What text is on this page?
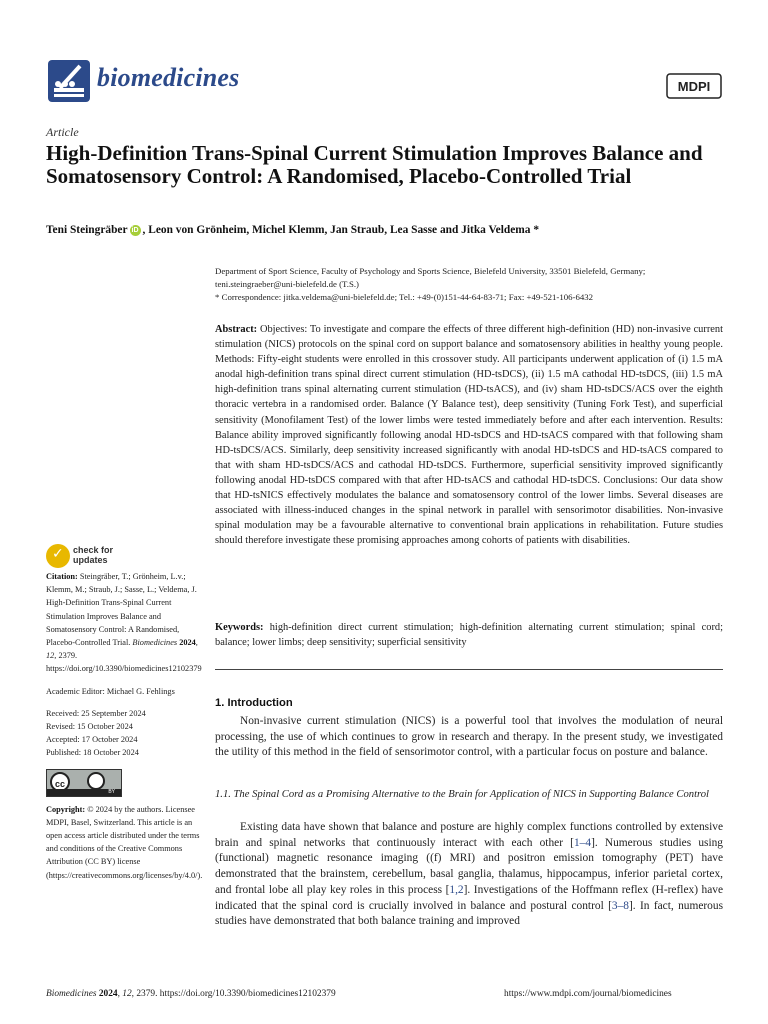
biomedicines	MDPI
Article
High-Definition Trans-Spinal Current Stimulation Improves Balance and Somatosensory Control: A Randomised, Placebo-Controlled Trial
Teni Steingräber iD , Leon von Grönheim, Michel Klemm, Jan Straub, Lea Sasse and Jitka Veldema *
Department of Sport Science, Faculty of Psychology and Sports Science, Bielefeld University, 33501 Bielefeld, Germany; teni.steingraeber@uni-bielefeld.de (T.S.)
* Correspondence: jitka.veldema@uni-bielefeld.de; Tel.: +49-(0)151-44-64-83-71; Fax: +49-521-106-6432
Abstract: Objectives: To investigate and compare the effects of three different high-definition (HD) non-invasive current stimulation (NICS) protocols on the spinal cord on support balance and somatosensory abilities in healthy young people. Methods: Fifty-eight students were enrolled in this crossover study. All participants underwent application of (i) 1.5 mA anodal high-definition trans spinal direct current stimulation (HD-tsDCS), (ii) 1.5 mA cathodal HD-tsDCS, (iii) 1.5 mA high-definition trans spinal alternating current stimulation (HD-tsACS), and (iv) sham HD-tsDCS/ACS over the eighth thoracic vertebra in a randomised order. Balance (Y Balance test), deep sensitivity (Tuning Fork Test), and superficial sensitivity (Monofilament Test) of the lower limbs were tested immediately before and after each intervention. Results: Balance ability improved significantly following anodal HD-tsDCS and HD-tsACS compared with that following sham HD-tsDCS/ACS. Similarly, deep sensitivity increased significantly with anodal HD-tsDCS and HD-tsACS compared to that with sham HD-tsDCS/ACS and cathodal HD-tsDCS. Furthermore, superficial sensitivity improved significantly following anodal HD-tsDCS compared with that after HD-tsACS and cathodal HD-tsDCS. Conclusions: Our data show that HD-tsNICS effectively modulates the balance and somatosensory control of the lower limbs. Several diseases are associated with illness-induced changes in the spinal network in parallel with sensorimotor disabilities. Non-invasive spinal modulation may be a favourable alternative to conventional brain applications in rehabilitation. Future studies should therefore investigate these promising approaches among cohorts of patients with disabilities.
Keywords: high-definition direct current stimulation; high-definition alternating current stimulation; spinal cord; balance; lower limbs; deep sensitivity; superficial sensitivity
✓ check for
updates
Citation: Steingräber, T.; Grönheim, L.v.; Klemm, M.; Straub, J.; Sasse, L.; Veldema, J. High-Definition Trans-Spinal Current Stimulation Improves Balance and Somatosensory Control: A Randomised, Placebo-Controlled Trial. Biomedicines 2024, 12, 2379. https://doi.org/10.3390/biomedicines12102379
Academic Editor: Michael G. Fehlings
Received: 25 September 2024
Revised: 15 October 2024
Accepted: 17 October 2024
Published: 18 October 2024
cc
BY
Copyright: © 2024 by the authors. Licensee MDPI, Basel, Switzerland. This article is an open access article distributed under the terms and conditions of the Creative Commons Attribution (CC BY) license (https://creativecommons.org/licenses/by/4.0/).
1. Introduction
Non-invasive current stimulation (NICS) is a powerful tool that involves the modulation of neural processing, the use of which continues to grow in research and therapy. In the present study, we investigated the utility of this method in the field of sensorimotor control, with a particular focus on posture and balance.
1.1. The Spinal Cord as a Promising Alternative to the Brain for Application of NICS in Supporting Balance Control
Existing data have shown that balance and posture are highly complex functions controlled by extensive brain and spinal networks that continuously interact with each other [1–4]. Numerous studies using (functional) magnetic resonance imaging ((f) MRI) and positron emission tomography (PET) have demonstrated that the brainstem, cerebellum, basal ganglia, thalamus, hippocampus, inferior parietal cortex, and frontal lobe all play key roles in this process [1,2]. Investigations of the Hoffmann reflex (H-reflex) have indicated that the spinal cord is crucially involved in balance and postural control [3–8]. In fact, numerous studies have demonstrated that both balance training and improved
Biomedicines 2024, 12, 2379. https://doi.org/10.3390/biomedicines12102379	https://www.mdpi.com/journal/biomedicines
